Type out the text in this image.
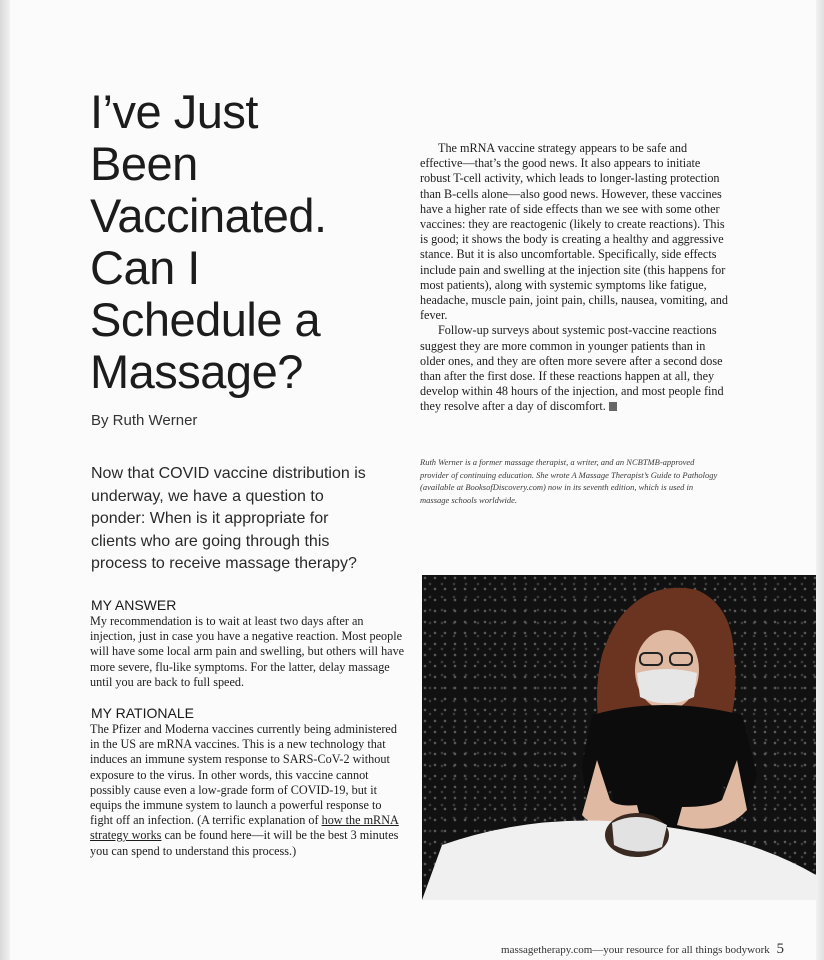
I’ve Just
Been
Vaccinated.
Can I
Schedule a
Massage?
By Ruth Werner
Now that COVID vaccine distribution is underway, we have a question to ponder: When is it appropriate for clients who are going through this process to receive massage therapy?
MY ANSWER
My recommendation is to wait at least two days after an injection, just in case you have a negative reaction. Most people will have some local arm pain and swelling, but others will have more severe, flu-like symptoms. For the latter, delay massage until you are back to full speed.
MY RATIONALE
The Pfizer and Moderna vaccines currently being administered in the US are mRNA vaccines. This is a new technology that induces an immune system response to SARS-CoV-2 without exposure to the virus. In other words, this vaccine cannot possibly cause even a low-grade form of COVID-19, but it equips the immune system to launch a powerful response to fight off an infection. (A terrific explanation of how the mRNA strategy works can be found here—it will be the best 3 minutes you can spend to understand this process.)

The mRNA vaccine strategy appears to be safe and effective—that’s the good news. It also appears to initiate robust T-cell activity, which leads to longer-lasting protection than B-cells alone—also good news. However, these vaccines have a higher rate of side effects than we see with some other vaccines: they are reactogenic (likely to create reactions). This is good; it shows the body is creating a healthy and aggressive stance. But it is also uncomfortable. Specifically, side effects include pain and swelling at the injection site (this happens for most patients), along with systemic symptoms like fatigue, headache, muscle pain, joint pain, chills, nausea, vomiting, and fever.

Follow-up surveys about systemic post-vaccine reactions suggest they are more common in younger patients than in older ones, and they are often more severe after a second dose than after the first dose. If these reactions happen at all, they develop within 48 hours of the injection, and most people find they resolve after a day of discomfort.

Ruth Werner is a former massage therapist, a writer, and an NCBTMB-approved provider of continuing education. She wrote A Massage Therapist’s Guide to Pathology (available at BooksofDiscovery.com) now in its seventh edition, which is used in massage schools worldwide.
massagetherapy.com—your resource for all things bodywork 5
